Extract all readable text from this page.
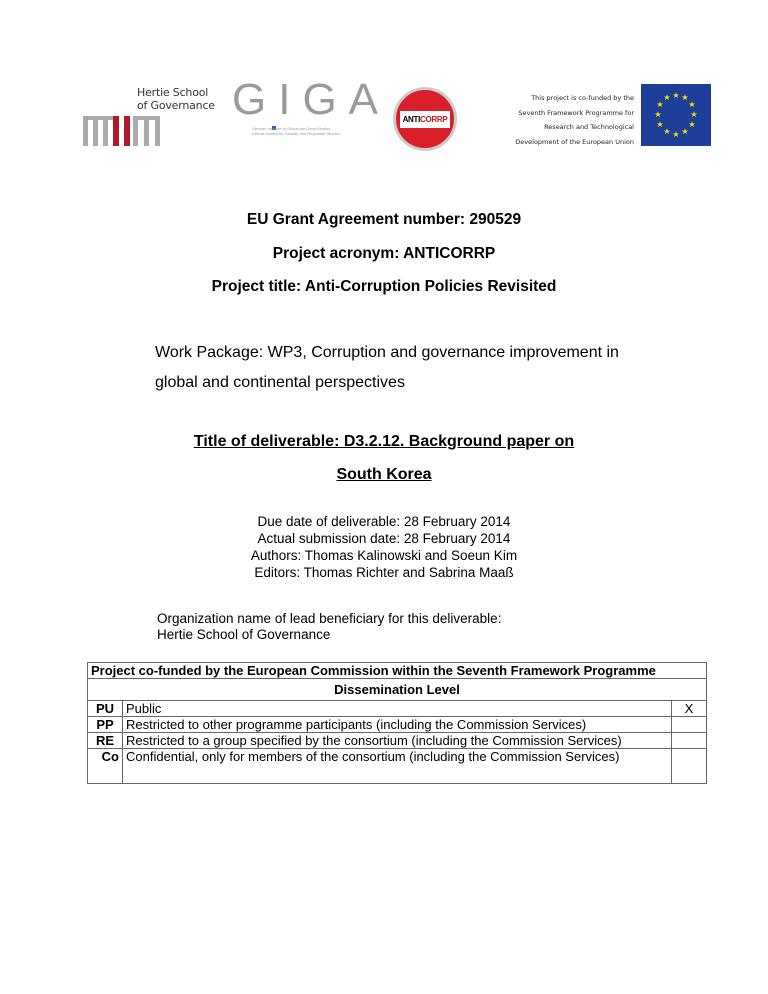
Hertie School
of Governance GIGA
German Institute of Global and Area Studies
Leibniz-Institut für Globale und Regionale Studien
ANTICORRP
This project is co-funded by the
Seventh Framework Programme for
Research and Technological
Development of the European Union
★ ★
★
★
★
★
★
★
★
★
★
★
EU Grant Agreement number: 290529
Project acronym: ANTICORRP
Project title: Anti-Corruption Policies Revisited
Work Package: WP3, Corruption and governance improvement in global and continental perspectives
Title of deliverable: D3.2.12. Background paper on
South Korea
Due date of deliverable: 28 February 2014
Actual submission date: 28 February 2014
Authors: Thomas Kalinowski and Soeun Kim
Editors: Thomas Richter and Sabrina Maaß
Organization name of lead beneficiary for this deliverable:
Hertie School of Governance
Project co-funded by the European Commission within the Seventh Framework Programme		
Dissemination Level		
PU	Public	X
PP	Restricted to other programme participants (including the Commission Services)	
RE	Restricted to a group specified by the consortium (including the Commission Services)	
Co	Confidential, only for members of the consortium (including the Commission Services)	
